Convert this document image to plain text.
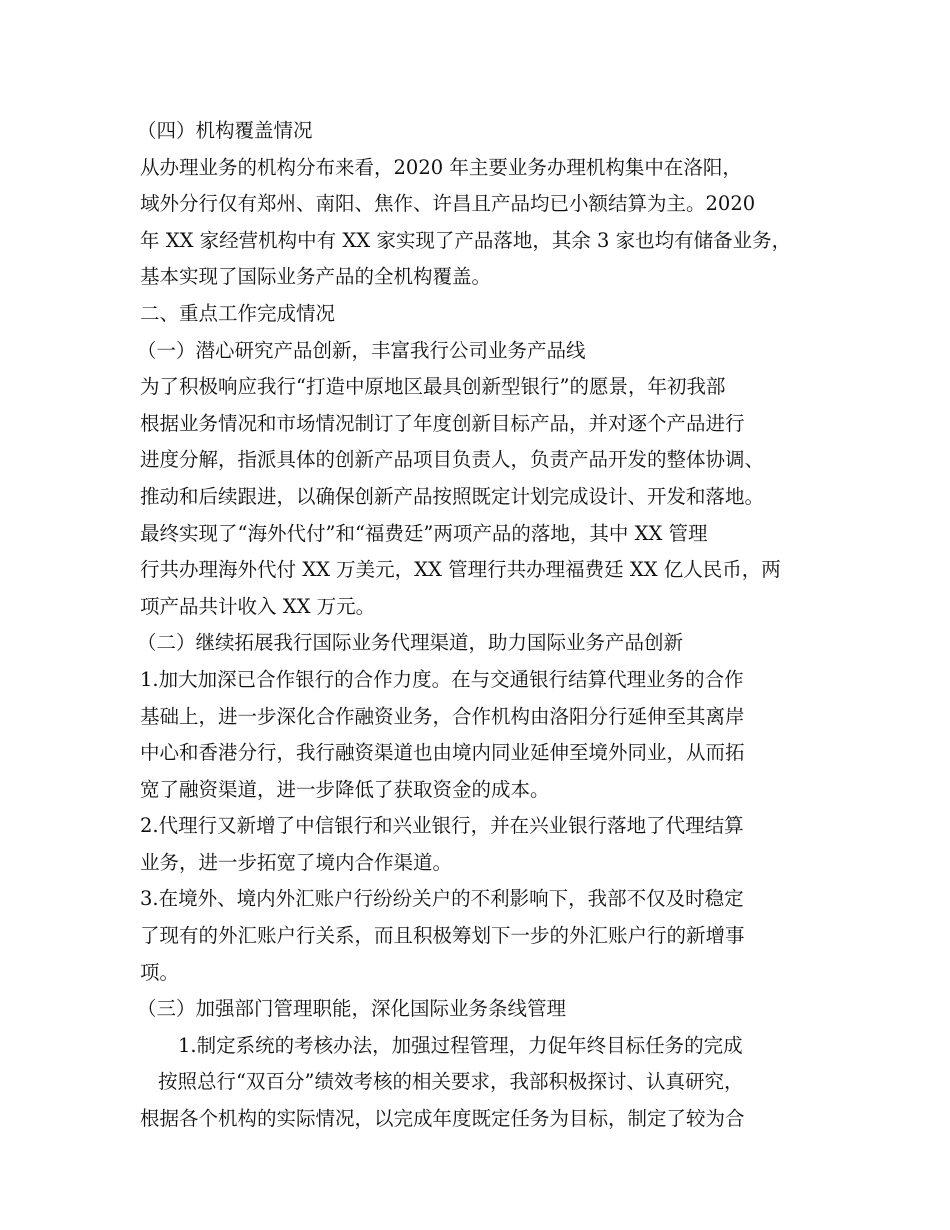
（四）机构覆盖情况

从办理业务的机构分布来看，2020 年主要业务办理机构集中在洛阳，

域外分行仅有郑州、南阳、焦作、许昌且产品均已小额结算为主。2020

年 XX 家经营机构中有 XX 家实现了产品落地，其余 3 家也均有储备业务，

基本实现了国际业务产品的全机构覆盖。

二、重点工作完成情况

（一）潜心研究产品创新，丰富我行公司业务产品线

为了积极响应我行“打造中原地区最具创新型银行”的愿景，年初我部

根据业务情况和市场情况制订了年度创新目标产品，并对逐个产品进行

进度分解，指派具体的创新产品项目负责人，负责产品开发的整体协调、

推动和后续跟进，以确保创新产品按照既定计划完成设计、开发和落地。

最终实现了“海外代付”和“福费廷”两项产品的落地，其中 XX 管理

行共办理海外代付 XX 万美元，XX 管理行共办理福费廷 XX 亿人民币，两

项产品共计收入 XX 万元。

（二）继续拓展我行国际业务代理渠道，助力国际业务产品创新

1.加大加深已合作银行的合作力度。在与交通银行结算代理业务的合作

基础上，进一步深化合作融资业务，合作机构由洛阳分行延伸至其离岸

中心和香港分行，我行融资渠道也由境内同业延伸至境外同业，从而拓

宽了融资渠道，进一步降低了获取资金的成本。

2.代理行又新增了中信银行和兴业银行，并在兴业银行落地了代理结算

业务，进一步拓宽了境内合作渠道。

3.在境外、境内外汇账户行纷纷关户的不利影响下，我部不仅及时稳定

了现有的外汇账户行关系，而且积极筹划下一步的外汇账户行的新增事

项。

（三）加强部门管理职能，深化国际业务条线管理

1.制定系统的考核办法，加强过程管理，力促年终目标任务的完成

按照总行“双百分”绩效考核的相关要求，我部积极探讨、认真研究，

根据各个机构的实际情况，以完成年度既定任务为目标，制定了较为合
